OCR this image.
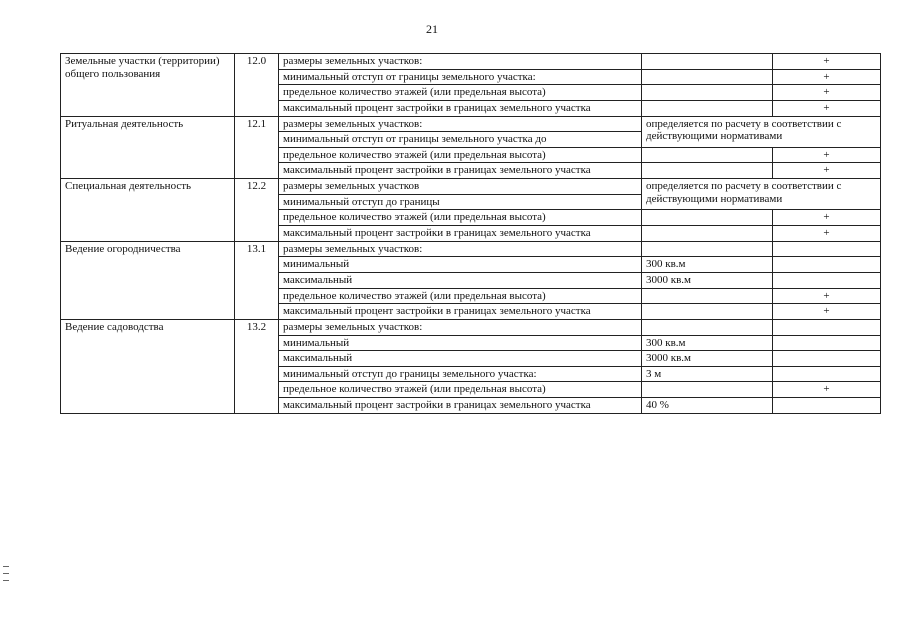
21
Земельные участки (территории) общего пользования	12.0	размеры земельных участков:		+
		минимальный отступ от границы земельного участка:		+
		предельное количество этажей (или предельная высота)		+
		максимальный процент застройки в границах земельного участка		+
Ритуальная деятельность	12.1	размеры земельных участков:	определяется по расчету в соответствии с действующими нормативами	
		минимальный отступ от границы земельного участка до		
		предельное количество этажей (или предельная высота)		+
		максимальный процент застройки в границах земельного участка		+
Специальная деятельность	12.2	размеры земельных участков	определяется по расчету в соответствии с действующими нормативами	
		минимальный отступ до границы		
		предельное количество этажей (или предельная высота)		+
		максимальный процент застройки в границах земельного участка		+
Ведение огородничества	13.1	размеры земельных участков:		
		минимальный	300 кв.м	
		максимальный	3000 кв.м	
		предельное количество этажей (или предельная высота)		+
		максимальный процент застройки в границах земельного участка		+
Ведение садоводства	13.2	размеры земельных участков:		
		минимальный	300 кв.м	
		максимальный	3000 кв.м	
		минимальный отступ до границы земельного участка:	3 м	
		предельное количество этажей (или предельная высота)		+
		максимальный процент застройки в границах земельного участка	40 %	
